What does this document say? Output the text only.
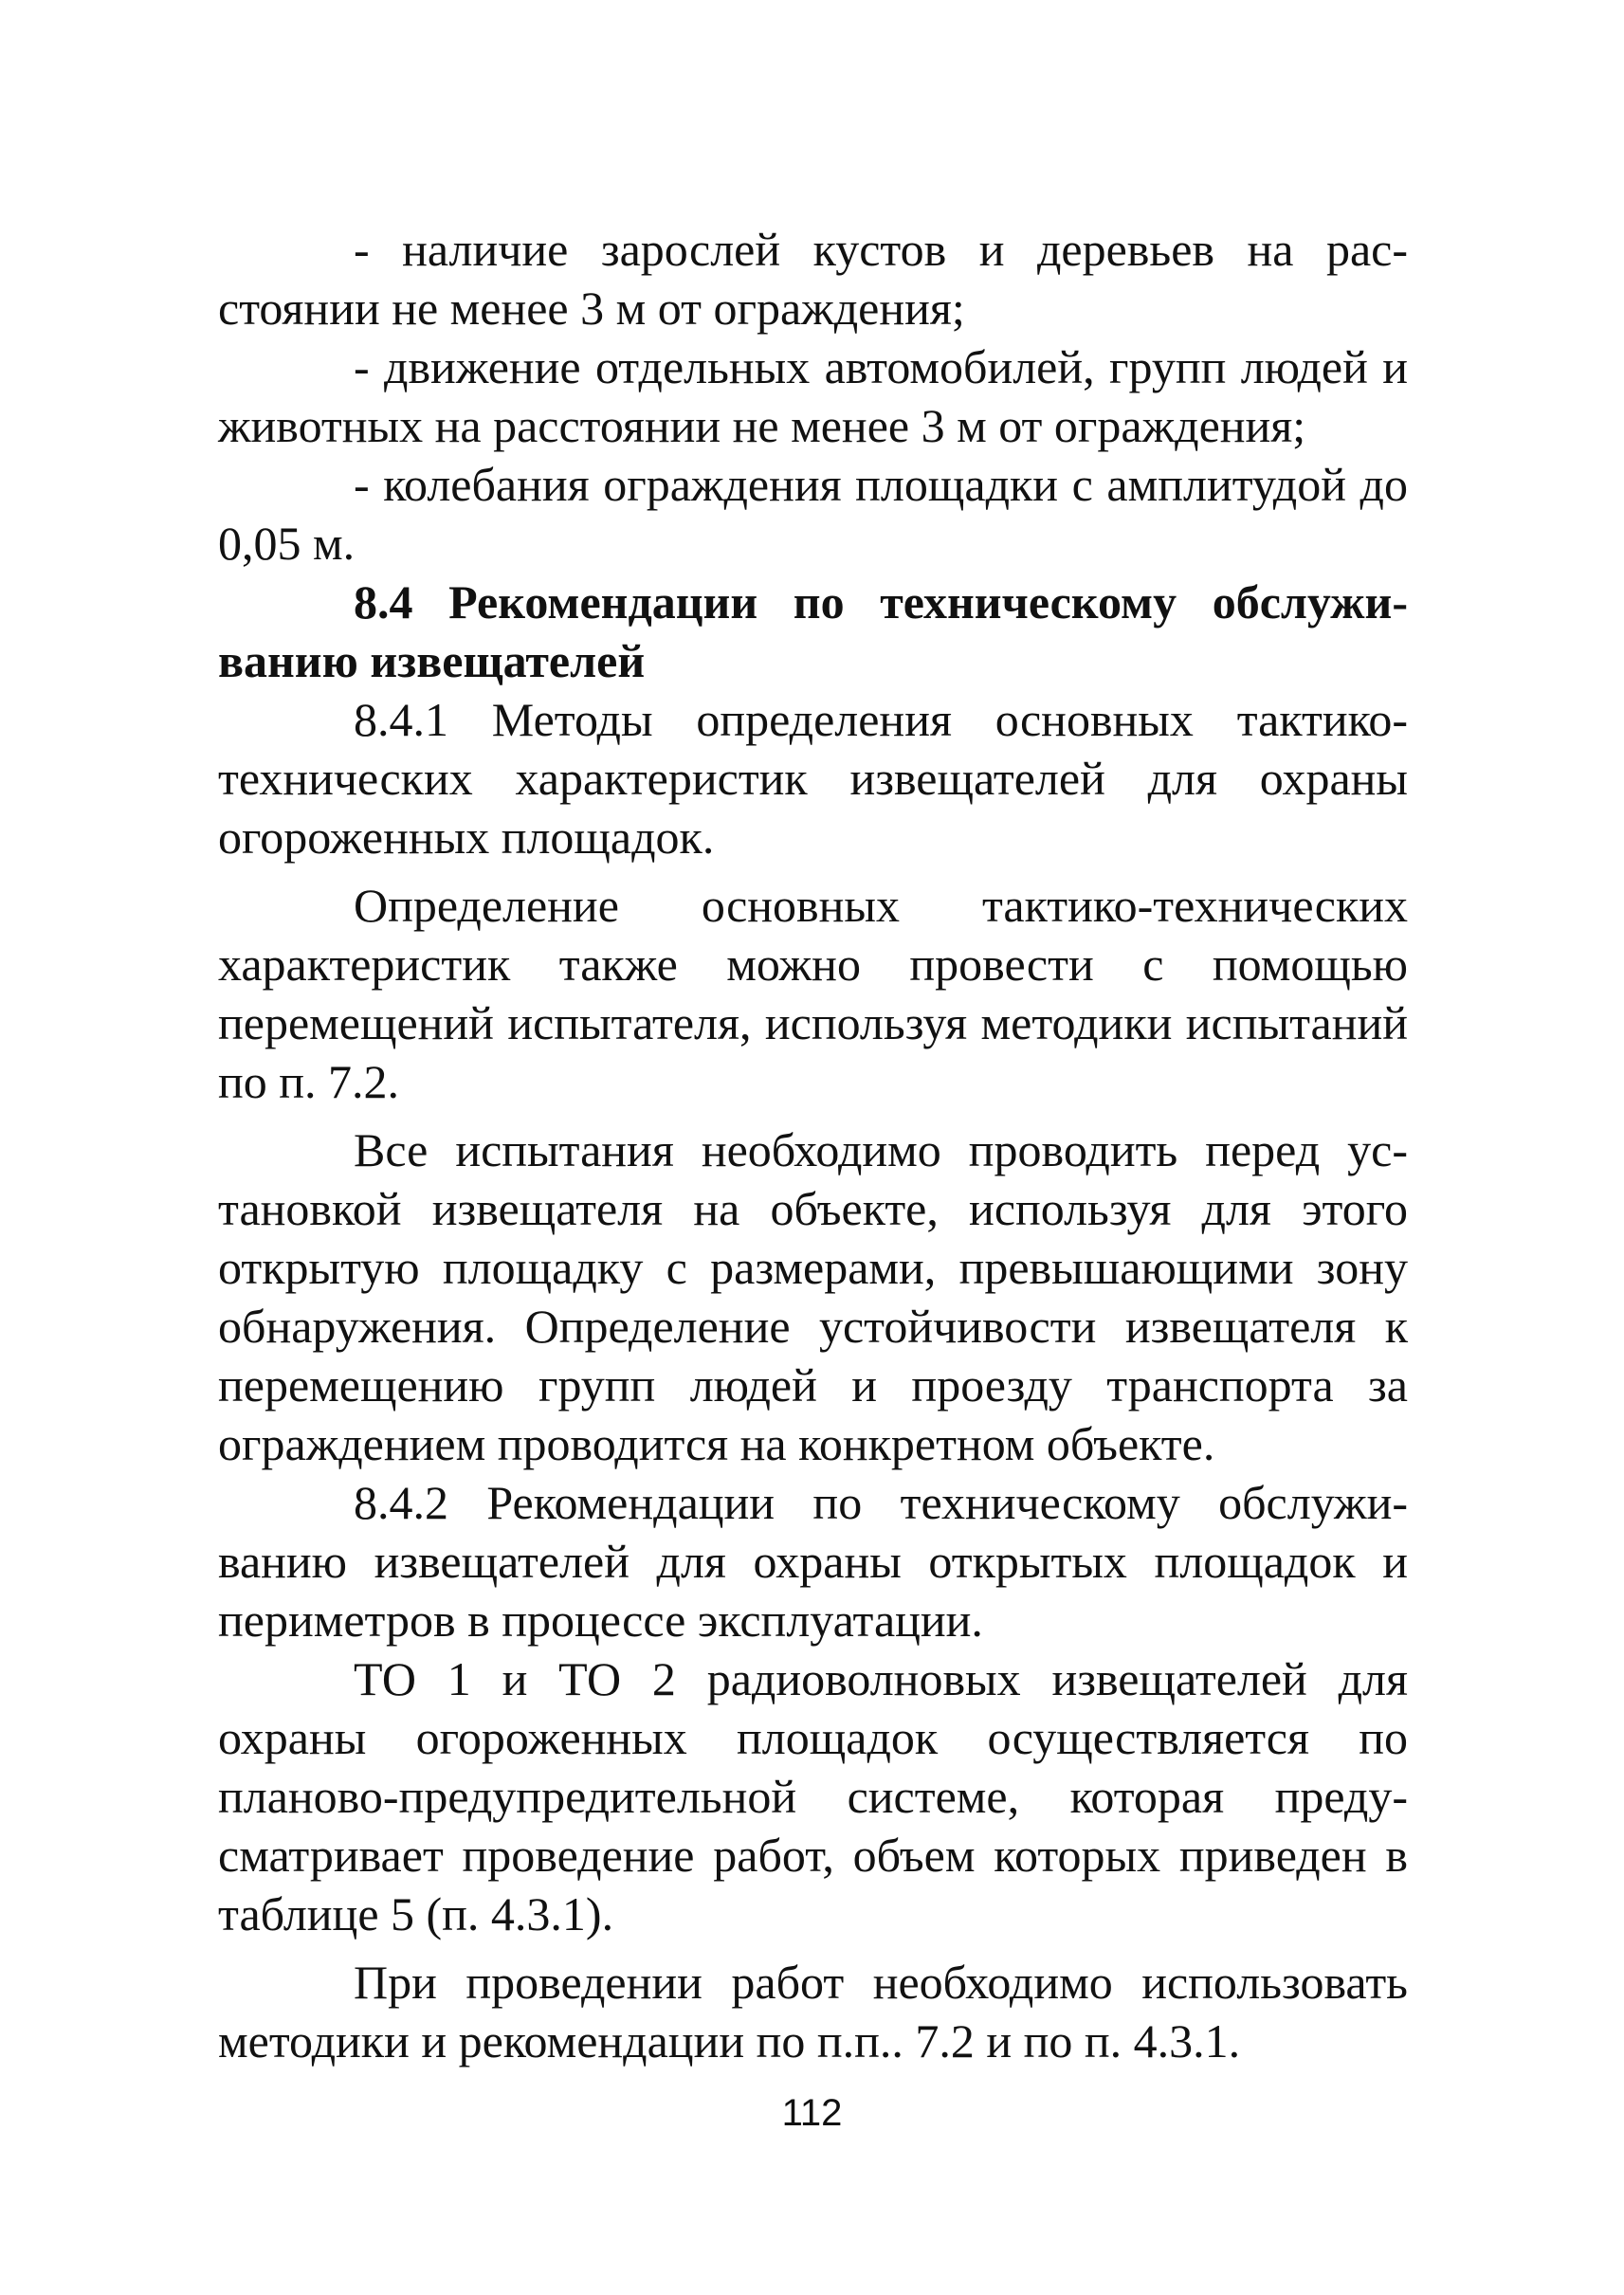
- наличие зарослей кустов и деревьев на расстоянии не менее 3 м от ограждения;

- движение отдельных автомобилей, групп людей и животных на расстоянии не менее 3 м от ограждения;

- колебания ограждения площадки с амплитудой до 0,05 м.

8.4 Рекомендации по техническому обслуживанию извещателей

8.4.1 Методы определения основных тактико-технических характеристик извещателей для охраны огороженных площадок.

Определение основных тактико-технических характеристик также можно провести с помощью перемещений испытателя, используя методики испытаний по п. 7.2.

Все испытания необходимо проводить перед установкой извещателя на объекте, используя для этого открытую площадку с размерами, превышающими зону обнаружения. Определение устойчивости извещателя к перемещению групп людей и проезду транспорта за ограждением проводится на конкретном объекте.

8.4.2 Рекомендации по техническому обслуживанию извещателей для охраны открытых площадок и периметров в процессе эксплуатации.

ТО 1 и ТО 2 радиоволновых извещателей для охраны огороженных площадок осуществляется по планово-предупредительной системе, которая предусматривает проведение работ, объем которых приведен в таблице 5 (п. 4.3.1).

При проведении работ необходимо использовать методики и рекомендации по п.п.. 7.2 и по п. 4.3.1.

112
